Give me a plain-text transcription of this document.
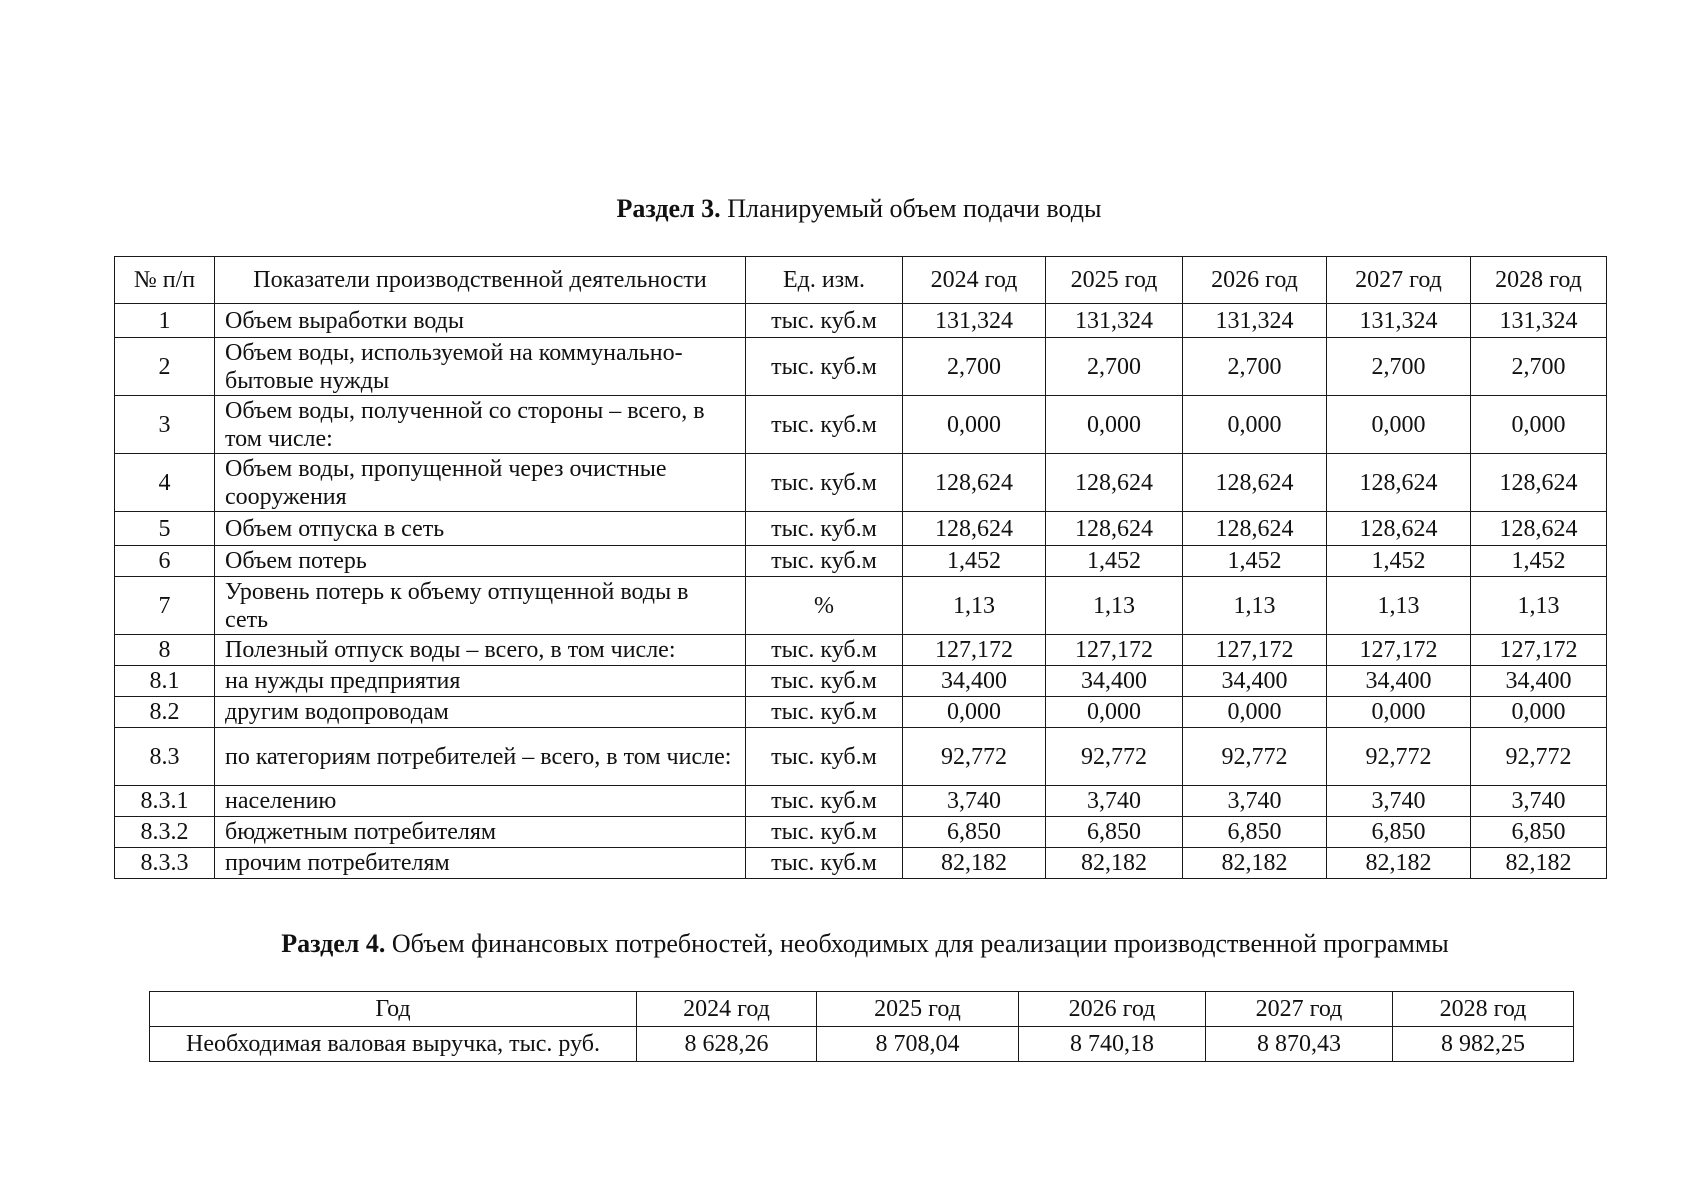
Раздел 3. Планируемый объем подачи воды
№ п/п	Показатели производственной деятельности	Ед. изм.	2024 год	2025 год	2026 год	2027 год	2028 год
1	Объем выработки воды	тыс. куб.м	131,324	131,324	131,324	131,324	131,324
2	Объем воды, используемой на коммунально-бытовые нужды	тыс. куб.м	2,700	2,700	2,700	2,700	2,700
3	Объем воды, полученной со стороны – всего, в том числе:	тыс. куб.м	0,000	0,000	0,000	0,000	0,000
4	Объем воды, пропущенной через очистные сооружения	тыс. куб.м	128,624	128,624	128,624	128,624	128,624
5	Объем отпуска в сеть	тыс. куб.м	128,624	128,624	128,624	128,624	128,624
6	Объем потерь	тыс. куб.м	1,452	1,452	1,452	1,452	1,452
7	Уровень потерь к объему отпущенной воды в сеть	%	1,13	1,13	1,13	1,13	1,13
8	Полезный отпуск воды – всего, в том числе:	тыс. куб.м	127,172	127,172	127,172	127,172	127,172
8.1	на нужды предприятия	тыс. куб.м	34,400	34,400	34,400	34,400	34,400
8.2	другим водопроводам	тыс. куб.м	0,000	0,000	0,000	0,000	0,000
8.3	по категориям потребителей – всего, в том числе:	тыс. куб.м	92,772	92,772	92,772	92,772	92,772
8.3.1	населению	тыс. куб.м	3,740	3,740	3,740	3,740	3,740
8.3.2	бюджетным потребителям	тыс. куб.м	6,850	6,850	6,850	6,850	6,850
8.3.3	прочим потребителям	тыс. куб.м	82,182	82,182	82,182	82,182	82,182
Раздел 4. Объем финансовых потребностей, необходимых для реализации производственной программы
Год	2024 год	2025 год	2026 год	2027 год	2028 год
Необходимая валовая выручка, тыс. руб.	8 628,26	8 708,04	8 740,18	8 870,43	8 982,25
